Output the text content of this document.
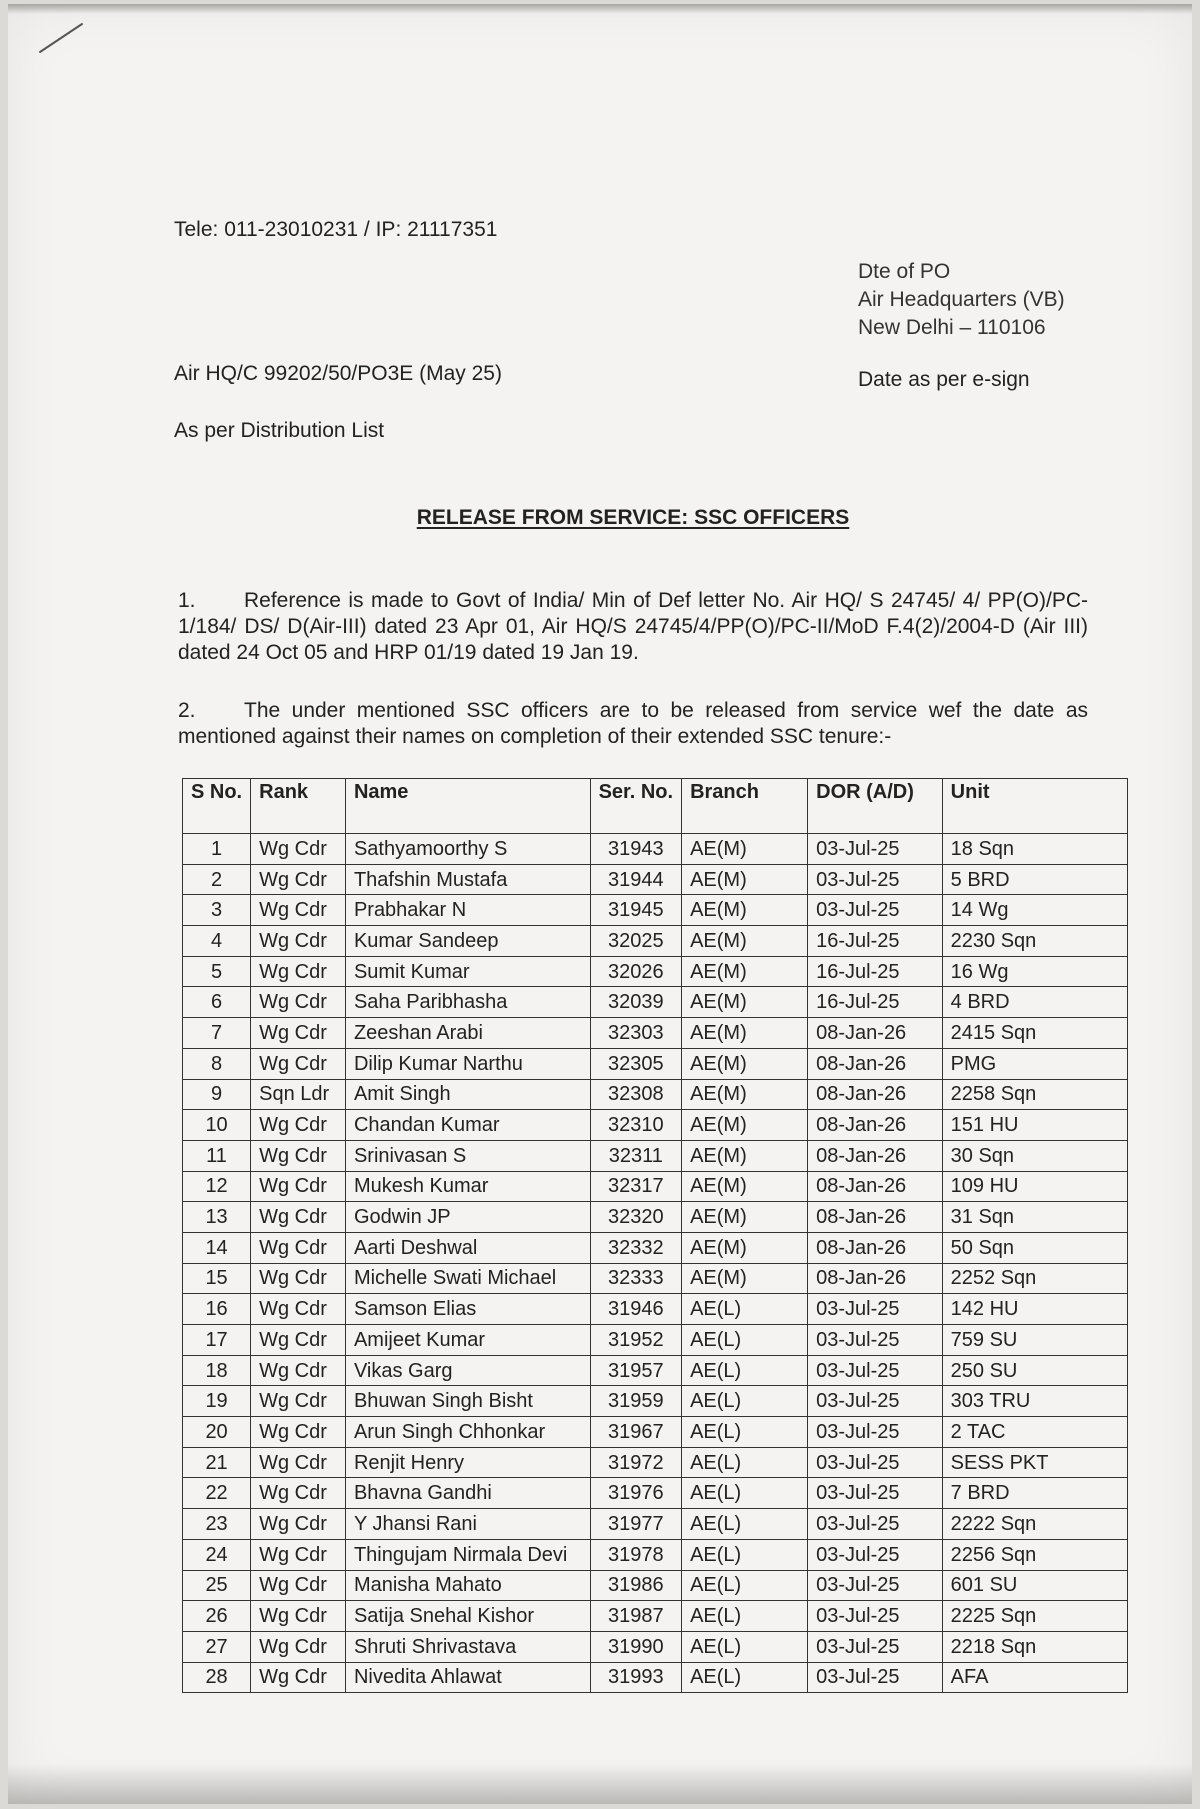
Tele: 011-23010231 / IP: 21117351
Dte of PO
Air Headquarters (VB)
New Delhi – 110106
Air HQ/C 99202/50/PO3E (May 25)	Date as per e-sign
As per Distribution List
RELEASE FROM SERVICE: SSC OFFICERS
1. Reference is made to Govt of India/ Min of Def letter No. Air HQ/ S 24745/ 4/ PP(O)/PC-1/184/ DS/ D(Air-III) dated 23 Apr 01, Air HQ/S 24745/4/PP(O)/PC-II/MoD F.4(2)/2004-D (Air III) dated 24 Oct 05 and HRP 01/19 dated 19 Jan 19.
2. The under mentioned SSC officers are to be released from service wef the date as mentioned against their names on completion of their extended SSC tenure:-
S No.	Rank	Name	Ser. No.	Branch	DOR (A/D)	Unit
1	Wg Cdr	Sathyamoorthy S	31943	AE(M)	03-Jul-25	18 Sqn
2	Wg Cdr	Thafshin Mustafa	31944	AE(M)	03-Jul-25	5 BRD
3	Wg Cdr	Prabhakar N	31945	AE(M)	03-Jul-25	14 Wg
4	Wg Cdr	Kumar Sandeep	32025	AE(M)	16-Jul-25	2230 Sqn
5	Wg Cdr	Sumit Kumar	32026	AE(M)	16-Jul-25	16 Wg
6	Wg Cdr	Saha Paribhasha	32039	AE(M)	16-Jul-25	4 BRD
7	Wg Cdr	Zeeshan Arabi	32303	AE(M)	08-Jan-26	2415 Sqn
8	Wg Cdr	Dilip Kumar Narthu	32305	AE(M)	08-Jan-26	PMG
9	Sqn Ldr	Amit Singh	32308	AE(M)	08-Jan-26	2258 Sqn
10	Wg Cdr	Chandan Kumar	32310	AE(M)	08-Jan-26	151 HU
11	Wg Cdr	Srinivasan S	32311	AE(M)	08-Jan-26	30 Sqn
12	Wg Cdr	Mukesh Kumar	32317	AE(M)	08-Jan-26	109 HU
13	Wg Cdr	Godwin JP	32320	AE(M)	08-Jan-26	31 Sqn
14	Wg Cdr	Aarti Deshwal	32332	AE(M)	08-Jan-26	50 Sqn
15	Wg Cdr	Michelle Swati Michael	32333	AE(M)	08-Jan-26	2252 Sqn
16	Wg Cdr	Samson Elias	31946	AE(L)	03-Jul-25	142 HU
17	Wg Cdr	Amijeet Kumar	31952	AE(L)	03-Jul-25	759 SU
18	Wg Cdr	Vikas Garg	31957	AE(L)	03-Jul-25	250 SU
19	Wg Cdr	Bhuwan Singh Bisht	31959	AE(L)	03-Jul-25	303 TRU
20	Wg Cdr	Arun Singh Chhonkar	31967	AE(L)	03-Jul-25	2 TAC
21	Wg Cdr	Renjit Henry	31972	AE(L)	03-Jul-25	SESS PKT
22	Wg Cdr	Bhavna Gandhi	31976	AE(L)	03-Jul-25	7 BRD
23	Wg Cdr	Y Jhansi Rani	31977	AE(L)	03-Jul-25	2222 Sqn
24	Wg Cdr	Thingujam Nirmala Devi	31978	AE(L)	03-Jul-25	2256 Sqn
25	Wg Cdr	Manisha Mahato	31986	AE(L)	03-Jul-25	601 SU
26	Wg Cdr	Satija Snehal Kishor	31987	AE(L)	03-Jul-25	2225 Sqn
27	Wg Cdr	Shruti Shrivastava	31990	AE(L)	03-Jul-25	2218 Sqn
28	Wg Cdr	Nivedita Ahlawat	31993	AE(L)	03-Jul-25	AFA
